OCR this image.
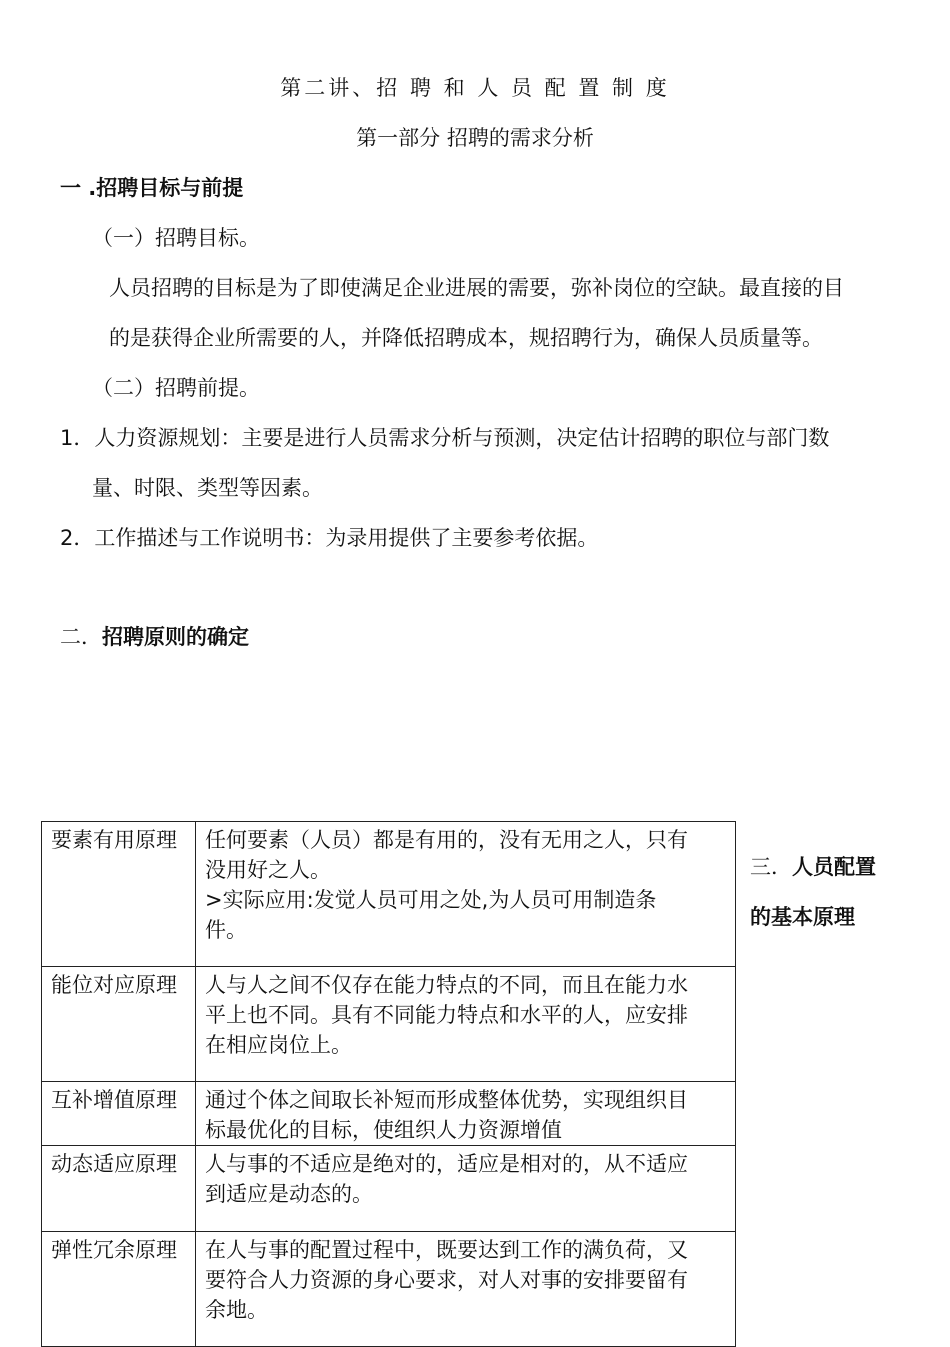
第二讲、招 聘 和 人 员 配 置 制 度
第一部分 招聘的需求分析
一 .招聘目标与前提
（一）招聘目标。
人员招聘的目标是为了即使满足企业进展的需要，弥补岗位的空缺。最直接的目
的是获得企业所需要的人，并降低招聘成本，规招聘行为，确保人员质量等。
（二）招聘前提。
1．人力资源规划：主要是进行人员需求分析与预测，决定估计招聘的职位与部门数
量、时限、类型等因素。
2．工作描述与工作说明书：为录用提供了主要参考依据。
二．招聘原则的确定
要素有用原理	任何要素（人员）都是有用的，没有无用之人，只有
没用好之人。
>实际应用:发觉人员可用之处,为人员可用制造条
件。

能位对应原理	人与人之间不仅存在能力特点的不同，而且在能力水
平上也不同。具有不同能力特点和水平的人，应安排
在相应岗位上。

互补增值原理	通过个体之间取长补短而形成整体优势，实现组织目
标最优化的目标，使组织人力资源增值

动态适应原理	人与事的不适应是绝对的，适应是相对的，从不适应
到适应是动态的。

弹性冗余原理	在人与事的配置过程中，既要达到工作的满负荷，又
要符合人力资源的身心要求，对人对事的安排要留有
余地。
三．人员配置
的基本原理
